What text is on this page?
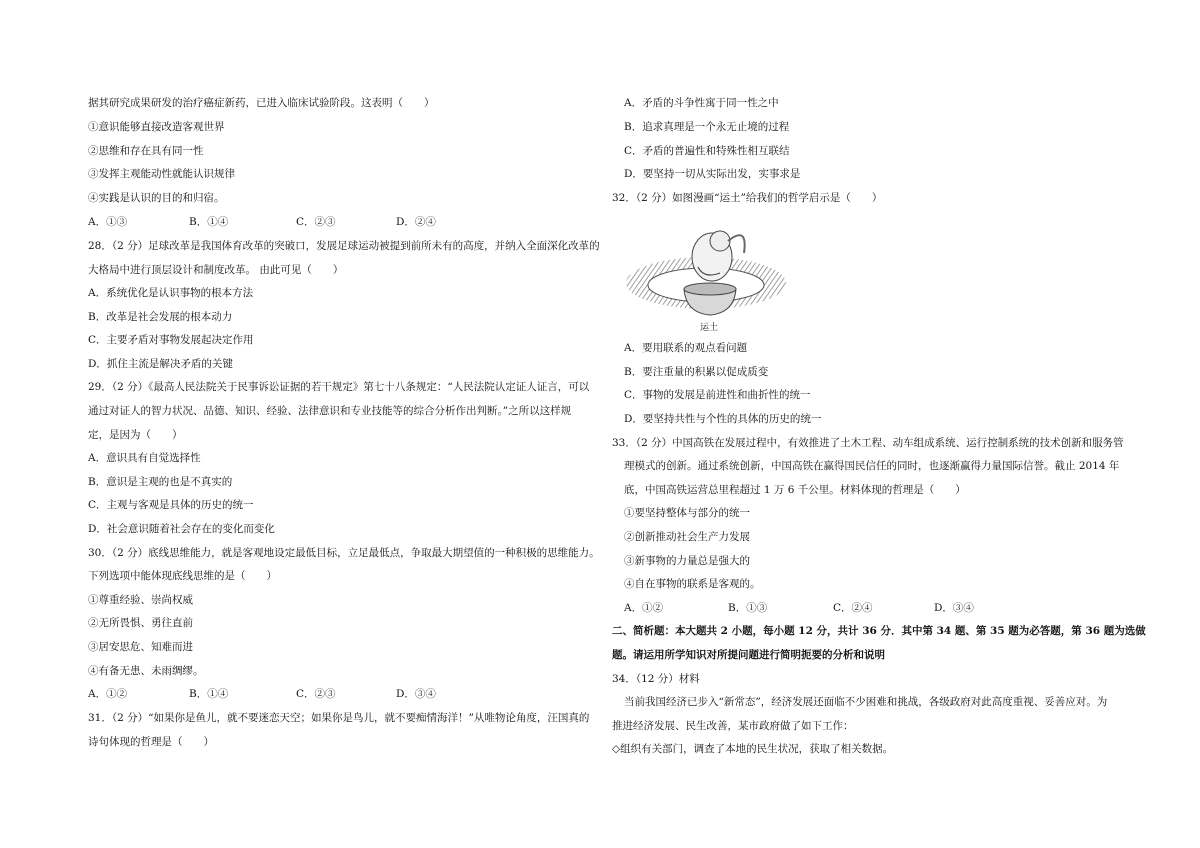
据其研究成果研发的治疗癌症新药，已进入临床试验阶段。这表明（　　）
①意识能够直接改造客观世界
②思维和存在具有同一性
③发挥主观能动性就能认识规律
④实践是认识的目的和归宿。
A．①③	B．①④	C．②③	D．②④
28．（2 分）足球改革是我国体育改革的突破口，发展足球运动被提到前所未有的高度，并纳入全面深化改革的
大格局中进行顶层设计和制度改革。 由此可见（　　）
A．系统优化是认识事物的根本方法
B．改革是社会发展的根本动力
C．主要矛盾对事物发展起决定作用
D．抓住主流是解决矛盾的关键
29．（2 分）《最高人民法院关于民事诉讼证据的若干规定》第七十八条规定：“人民法院认定证人证言，可以
通过对证人的智力状况、品德、知识、经验、法律意识和专业技能等的综合分析作出判断。”之所以这样规
定，是因为（　　）
A．意识具有自觉选择性
B．意识是主观的也是不真实的
C．主观与客观是具体的历史的统一
D．社会意识随着社会存在的变化而变化
30．（2 分）底线思维能力，就是客观地设定最低目标，立足最低点，争取最大期望值的一种积极的思维能力。
下列选项中能体现底线思维的是（　　）
①尊重经验、崇尚权威
②无所畏惧、勇往直前
③居安思危、知难而进
④有备无患、未雨绸缪。
A．①②	B．①④	C．②③	D．③④
31．（2 分）“如果你是鱼儿，就不要迷恋天空；如果你是鸟儿，就不要痴情海洋！”从唯物论角度，汪国真的
诗句体现的哲理是（　　）
A．矛盾的斗争性寓于同一性之中
B．追求真理是一个永无止境的过程
C．矛盾的普遍性和特殊性相互联结
D．要坚持一切从实际出发，实事求是
32．（2 分）如图漫画“运土”给我们的哲学启示是（　　）
运土
A．要用联系的观点看问题
B．要注重量的积累以促成质变
C．事物的发展是前进性和曲折性的统一
D．要坚持共性与个性的具体的历史的统一
33．（2 分）中国高铁在发展过程中，有效推进了土木工程、动车组成系统、运行控制系统的技术创新和服务管
理模式的创新。通过系统创新，中国高铁在赢得国民信任的同时，也逐渐赢得力量国际信誉。截止 2014 年
底，中国高铁运营总里程超过 1 万 6 千公里。材料体现的哲理是（　　）
①要坚持整体与部分的统一
②创新推动社会生产力发展
③新事物的力量总是强大的
④自在事物的联系是客观的。
A．①②	B．①③	C．②④	D．③④
二、简析题：本大题共 2 小题，每小题 12 分，共计 36 分．其中第 34 题、第 35 题为必答题，第 36 题为选做
题。请运用所学知识对所提问题进行简明扼要的分析和说明
34．（12 分）材料
当前我国经济已步入“新常态”，经济发展还面临不少困难和挑战，各级政府对此高度重视、妥善应对。为
推进经济发展、民生改善，某市政府做了如下工作：
◇组织有关部门，调查了本地的民生状况，获取了相关数据。
